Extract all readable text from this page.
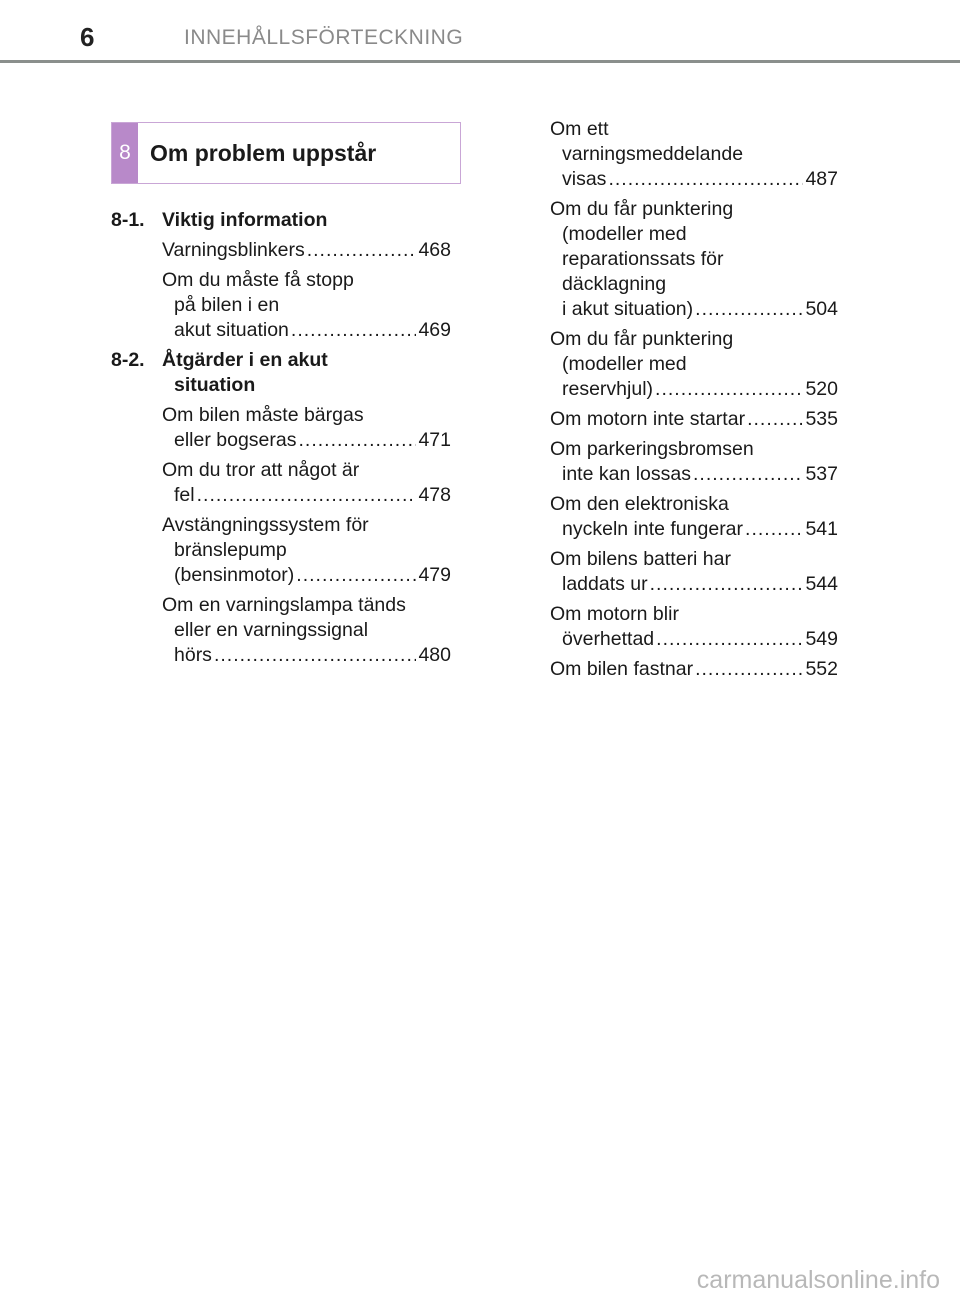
6	INNEHÅLLSFÖRTECKNING
8 Om problem uppstår
8-1. Viktig information
Varningsblinkers .....	468
Om du måste få stopp
på bilen i en
akut situation .....	469
8-2. Åtgärder i en akut
situation
Om bilen måste bärgas
eller bogseras .....	471
Om du tror att något är
fel .....	478
Avstängningssystem för
bränslepump
(bensinmotor) .....	479
Om en varningslampa tänds
eller en varningssignal
hörs .....	480
Om ett
varningsmeddelande
visas .....	487
Om du får punktering
(modeller med
reparationssats för
däcklagning
i akut situation) .....	504
Om du får punktering
(modeller med
reservhjul) .....	520
Om motorn inte startar .....	535
Om parkeringsbromsen
inte kan lossas .....	537
Om den elektroniska
nyckeln inte fungerar .....	541
Om bilens batteri har
laddats ur .....	544
Om motorn blir
överhettad .....	549
Om bilen fastnar .....	552
carmanualsonline.info
